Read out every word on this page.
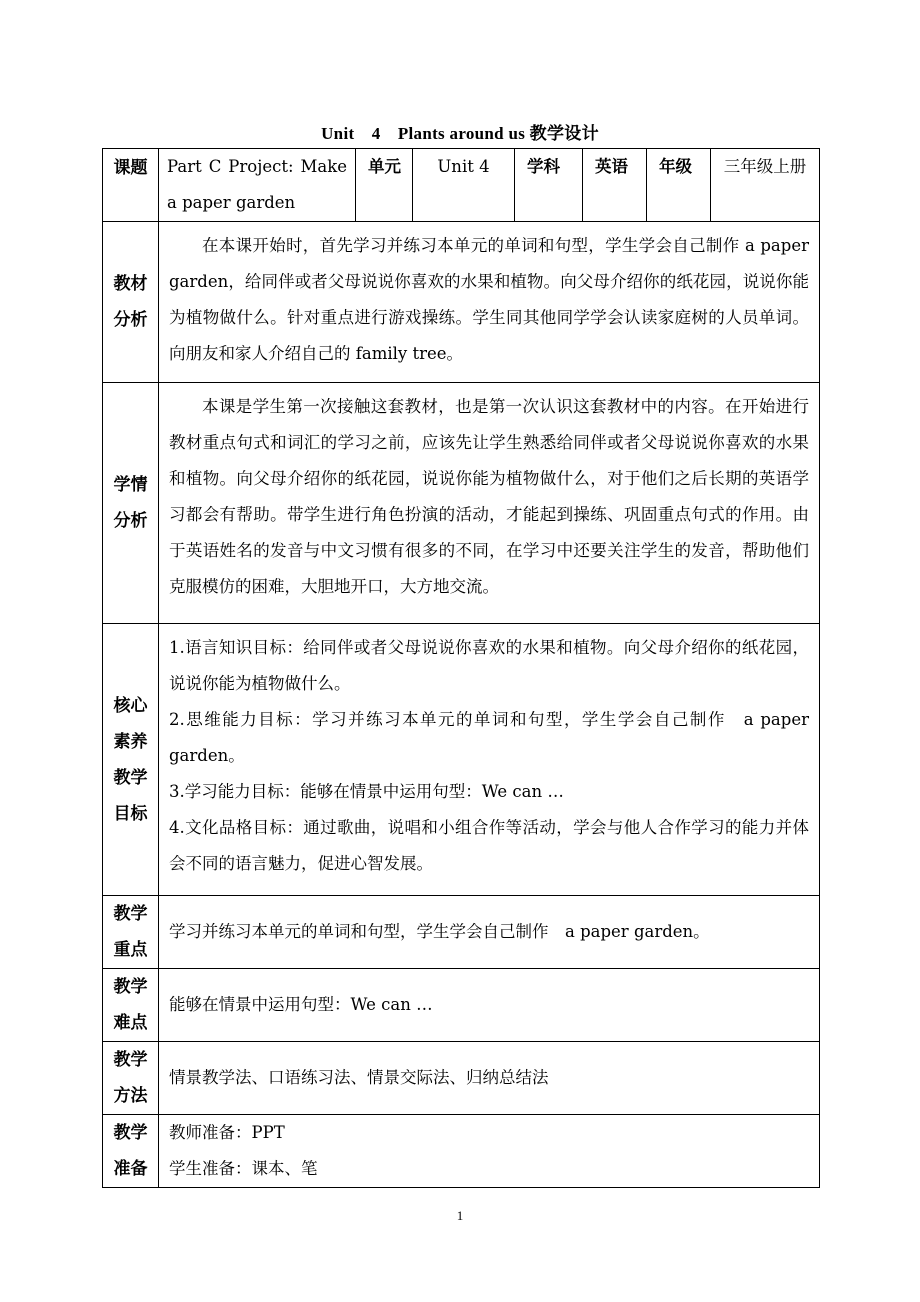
Unit　4　Plants around us 教学设计
课题	Part C Project: Make a paper garden	单元	Unit 4	学科	英语	年级	三年级上册

教材
分析	在本课开始时，首先学习并练习本单元的单词和句型，学生学会自己制作 a paper garden，给同伴或者父母说说你喜欢的水果和植物。向父母介绍你的纸花园，说说你能为植物做什么。针对重点进行游戏操练。学生同其他同学学会认读家庭树的人员单词。向朋友和家人介绍自己的 family tree。						

学情
分析	本课是学生第一次接触这套教材，也是第一次认识这套教材中的内容。在开始进行教材重点句式和词汇的学习之前，应该先让学生熟悉给同伴或者父母说说你喜欢的水果和植物。向父母介绍你的纸花园，说说你能为植物做什么，对于他们之后长期的英语学习都会有帮助。带学生进行角色扮演的活动，才能起到操练、巩固重点句式的作用。由于英语姓名的发音与中文习惯有很多的不同，在学习中还要关注学生的发音，帮助他们克服模仿的困难，大胆地开口，大方地交流。						

核心
素养
教学
目标	1.语言知识目标：给同伴或者父母说说你喜欢的水果和植物。向父母介绍你的纸花园，说说你能为植物做什么。
2.思维能力目标：学习并练习本单元的单词和句型，学生学会自己制作　a paper garden。
3.学习能力目标：能够在情景中运用句型：We can …
4.文化品格目标：通过歌曲，说唱和小组合作等活动，学会与他人合作学习的能力并体会不同的语言魅力，促进心智发展。						

教学
重点	学习并练习本单元的单词和句型，学生学会自己制作　a paper garden。						

教学
难点	能够在情景中运用句型：We can …						

教学
方法	情景教学法、口语练习法、情景交际法、归纳总结法						

教学
准备	教师准备：PPT
学生准备：课本、笔						
1
